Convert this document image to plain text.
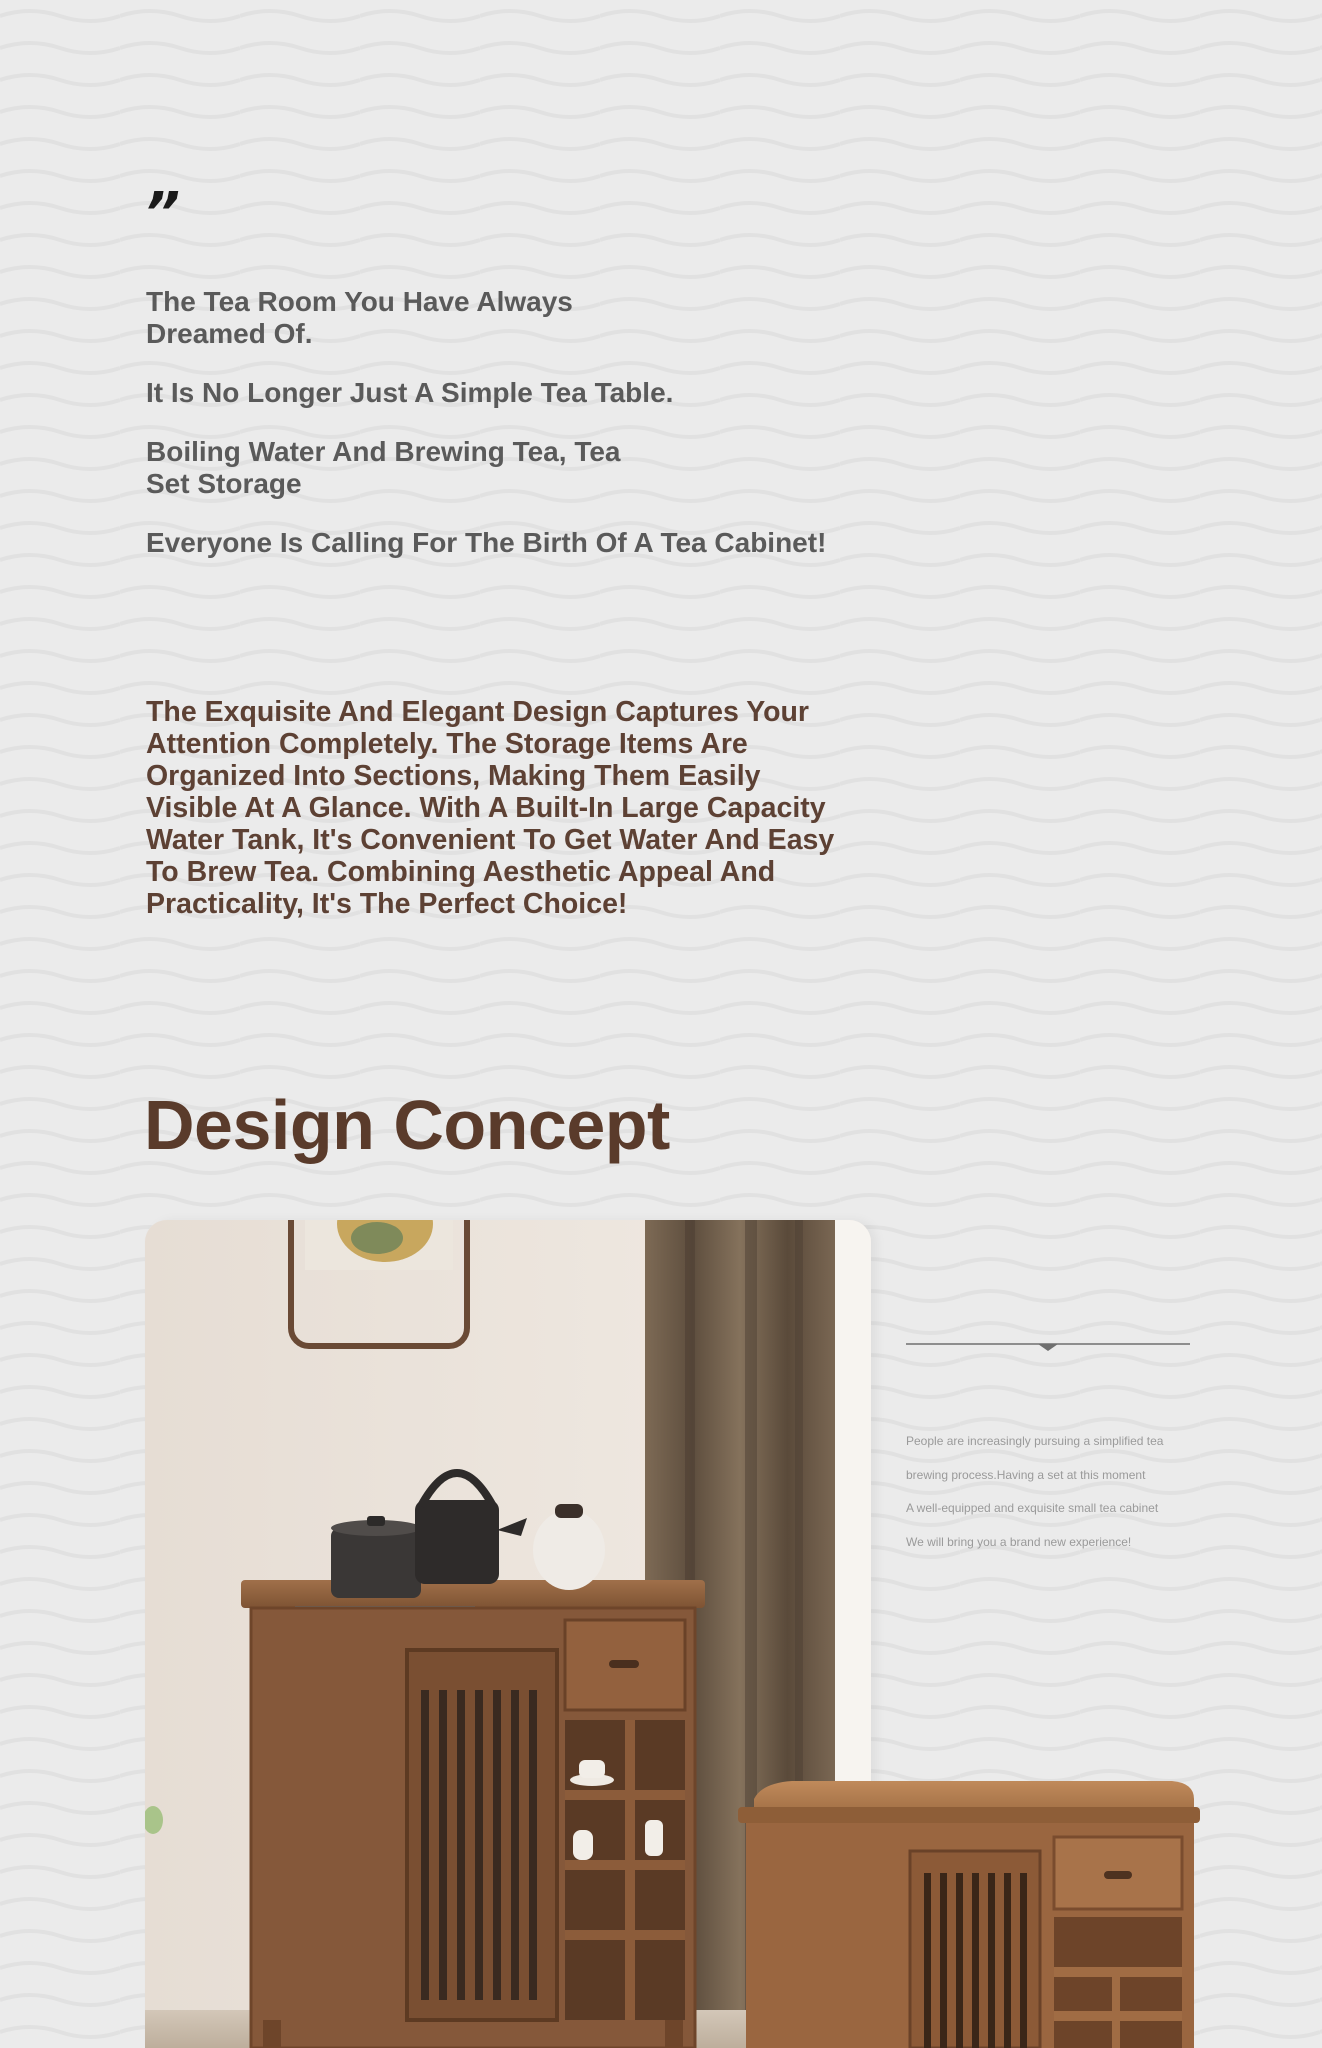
”

The Tea Room You Have Always Dreamed Of.

It Is No Longer Just A Simple Tea Table.

Boiling Water And Brewing Tea, Tea Set Storage

Everyone Is Calling For The Birth Of A Tea Cabinet!

The Exquisite And Elegant Design Captures Your Attention Completely. The Storage Items Are Organized Into Sections, Making Them Easily Visible At A Glance. With A Built-In Large Capacity Water Tank, It's Convenient To Get Water And Easy To Brew Tea. Combining Aesthetic Appeal And Practicality, It's The Perfect Choice!

Design Concept

People are increasingly pursuing a simplified tea

brewing process.Having a set at this moment

A well-equipped and exquisite small tea cabinet

We will bring you a brand new experience!
